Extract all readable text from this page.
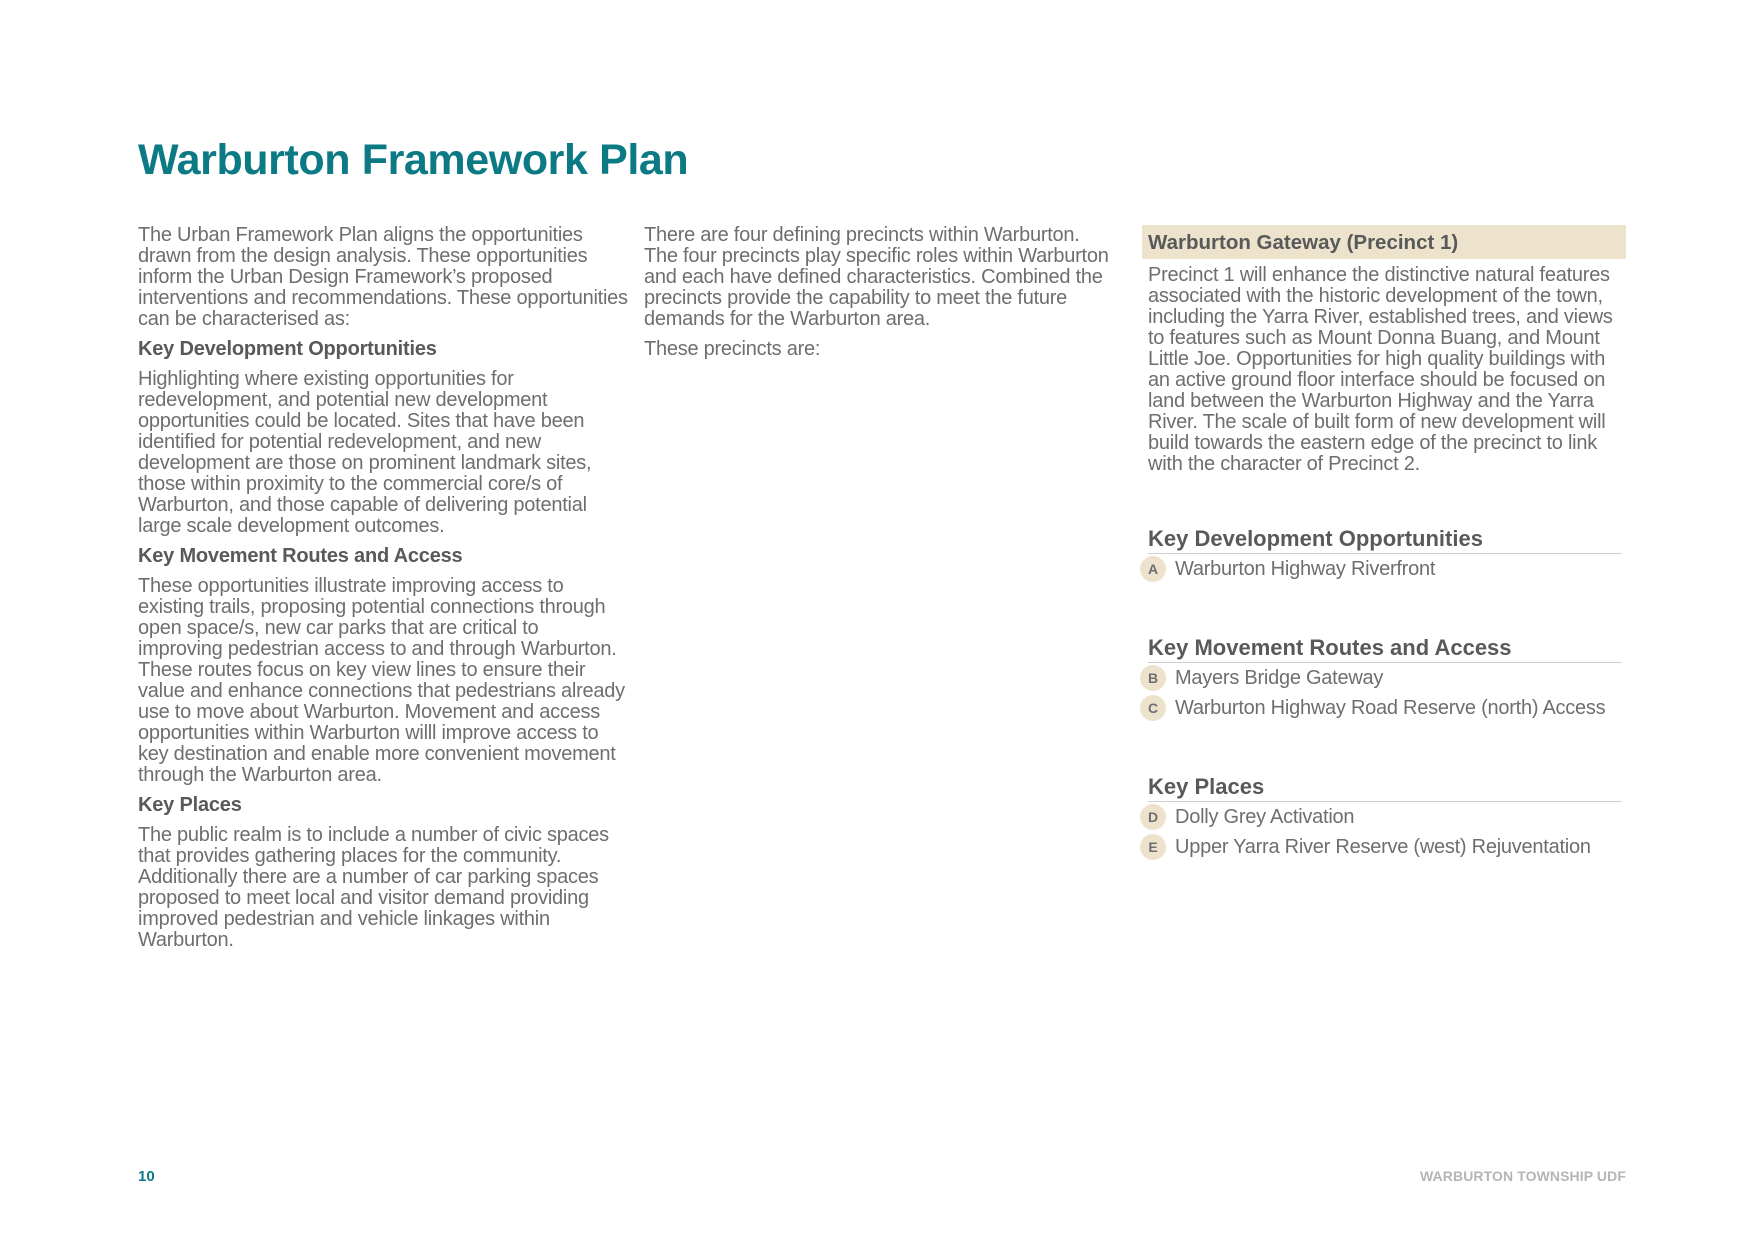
Warburton Framework Plan

The Urban Framework Plan aligns the opportunities drawn from the design analysis. These opportunities inform the Urban Design Framework’s proposed interventions and recommendations. These opportunities can be characterised as:

Key Development Opportunities

Highlighting where existing opportunities for redevelopment, and potential new development opportunities could be located. Sites that have been identified for potential redevelopment, and new development are those on prominent landmark sites, those within proximity to the commercial core/s of Warburton, and those capable of delivering potential large scale development outcomes.

Key Movement Routes and Access

These opportunities illustrate improving access to existing trails, proposing potential connections through open space/s, new car parks that are critical to improving pedestrian access to and through Warburton. These routes focus on key view lines to ensure their value and enhance connections that pedestrians already use to move about Warburton. Movement and access opportunities within Warburton willl improve access to key destination and enable more convenient movement through the Warburton area.

Key Places

The public realm is to include a number of civic spaces that provides gathering places for the community. Additionally there are a number of car parking spaces proposed to meet local and visitor demand providing improved pedestrian and vehicle linkages within Warburton.

There are four defining precincts within Warburton. The four precincts play specific roles within Warburton and each have defined characteristics. Combined the precincts provide the capability to meet the future demands for the Warburton area.

These precincts are:

Warburton Gateway (Precinct 1)

Precinct 1 will enhance the distinctive natural features associated with the historic development of the town, including the Yarra River, established trees, and views to features such as Mount Donna Buang, and Mount Little Joe. Opportunities for high quality buildings with an active ground floor interface should be focused on land between the Warburton Highway and the Yarra River. The scale of built form of new development will build towards the eastern edge of the precinct to link with the character of Precinct 2.

Key Development Opportunities
A Warburton Highway Riverfront
Key Movement Routes and Access
B Mayers Bridge Gateway
C Warburton Highway Road Reserve (north) Access
Key Places
D Dolly Grey Activation
E Upper Yarra River Reserve (west) Rejuventation
10	WARBURTON TOWNSHIP UDF
